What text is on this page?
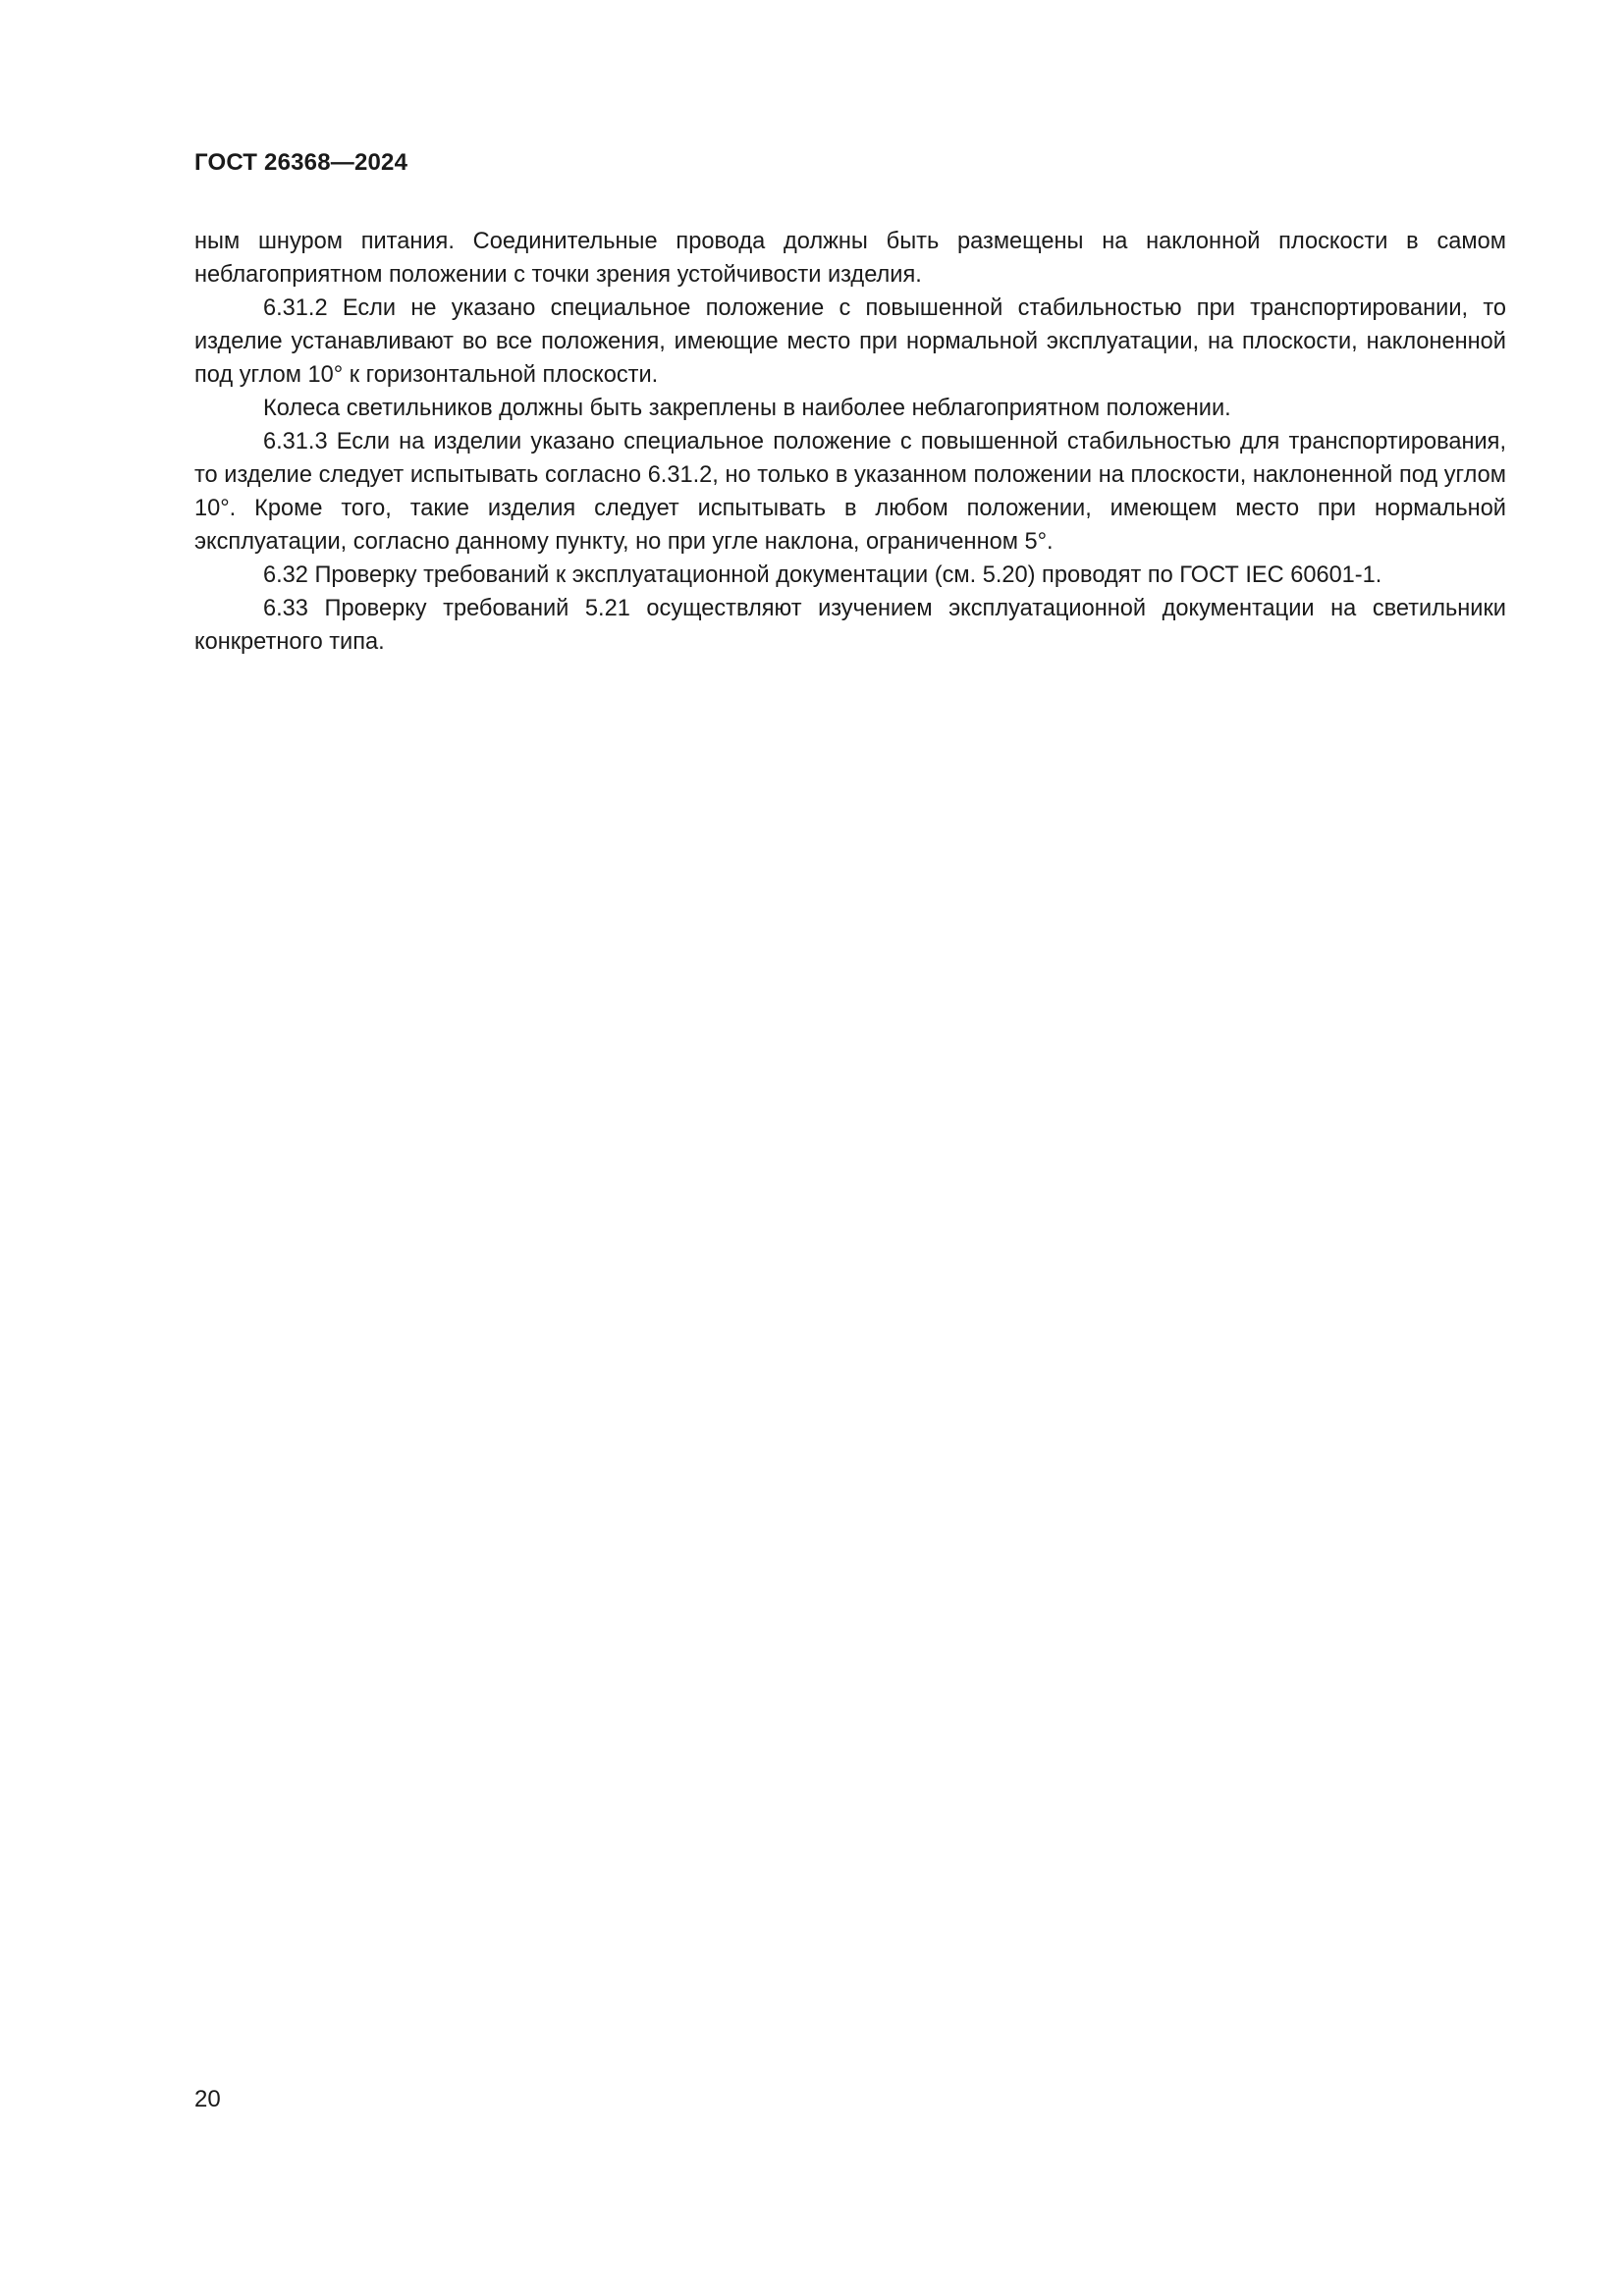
ГОСТ 26368—2024

ным шнуром питания. Соединительные провода должны быть размещены на наклонной плоскости в самом неблагоприятном положении с точки зрения устойчивости изделия.

6.31.2 Если не указано специальное положение с повышенной стабильностью при транспортировании, то изделие устанавливают во все положения, имеющие место при нормальной эксплуатации, на плоскости, наклоненной под углом 10° к горизонтальной плоскости.

Колеса светильников должны быть закреплены в наиболее неблагоприятном положении.

6.31.3 Если на изделии указано специальное положение с повышенной стабильностью для транспортирования, то изделие следует испытывать согласно 6.31.2, но только в указанном положении на плоскости, наклоненной под углом 10°. Кроме того, такие изделия следует испытывать в любом положении, имеющем место при нормальной эксплуатации, согласно данному пункту, но при угле наклона, ограниченном 5°.

6.32 Проверку требований к эксплуатационной документации (см. 5.20) проводят по ГОСТ IEC 60601-1.

6.33 Проверку требований 5.21 осуществляют изучением эксплуатационной документации на светильники конкретного типа.

20
